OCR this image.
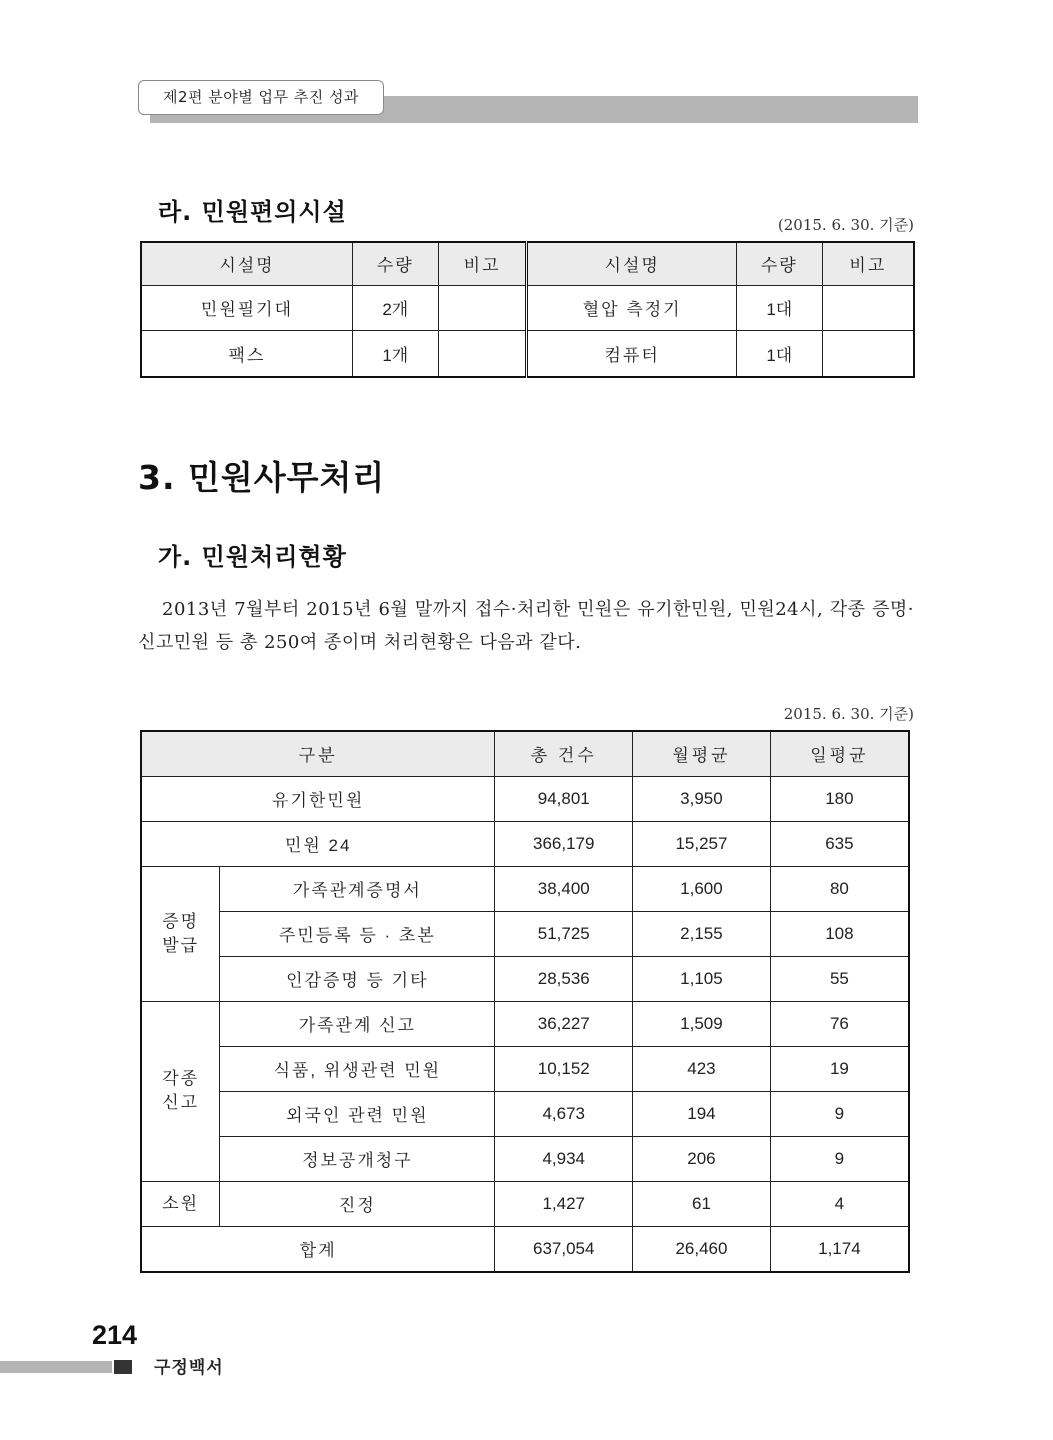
제2편 분야별 업무 추진 성과
라. 민원편의시설	(2015. 6. 30. 기준)
시설명	수량	비고	시설명	수량	비고
민원필기대	2개		혈압 측정기	1대	
팩스	1개		컴퓨터	1대	
3. 민원사무처리
가. 민원처리현황
2013년 7월부터 2015년 6월 말까지 접수·처리한 민원은 유기한민원, 민원24시, 각종 증명·신고민원 등 총 250여 종이며 처리현황은 다음과 같다.
2015. 6. 30. 기준)
구분		총 건수	월평균	일평균
유기한민원		94,801	3,950	180
민원 24		366,179	15,257	635
증명
발급	가족관계증명서	38,400	1,600	80
	주민등록 등 · 초본	51,725	2,155	108
	인감증명 등 기타	28,536	1,105	55
각종
신고	가족관계 신고	36,227	1,509	76
	식품, 위생관련 민원	10,152	423	19
	외국인 관련 민원	4,673	194	9
	정보공개청구	4,934	206	9
소원	진정	1,427	61	4
합계		637,054	26,460	1,174
214
구정백서
